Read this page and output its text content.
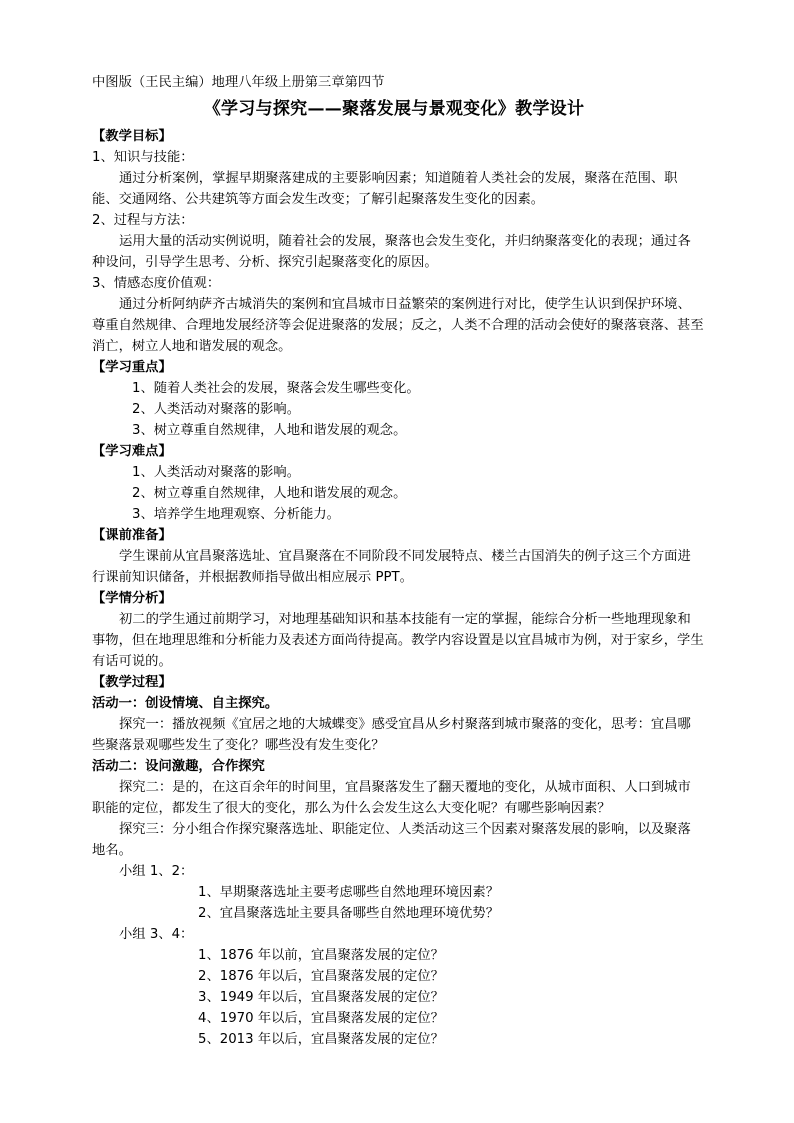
中图版（王民主编）地理八年级上册第三章第四节
《学习与探究——聚落发展与景观变化》教学设计
【教学目标】
1、知识与技能：
通过分析案例，掌握早期聚落建成的主要影响因素；知道随着人类社会的发展，聚落在范围、职能、交通网络、公共建筑等方面会发生改变；了解引起聚落发生变化的因素。
2、过程与方法：
运用大量的活动实例说明，随着社会的发展，聚落也会发生变化，并归纳聚落变化的表现；通过各种设问，引导学生思考、分析、探究引起聚落变化的原因。
3、情感态度价值观：
通过分析阿纳萨齐古城消失的案例和宜昌城市日益繁荣的案例进行对比，使学生认识到保护环境、尊重自然规律、合理地发展经济等会促进聚落的发展；反之，人类不合理的活动会使好的聚落衰落、甚至消亡，树立人地和谐发展的观念。
【学习重点】
1、随着人类社会的发展，聚落会发生哪些变化。
2、人类活动对聚落的影响。
3、树立尊重自然规律，人地和谐发展的观念。
【学习难点】
1、人类活动对聚落的影响。
2、树立尊重自然规律，人地和谐发展的观念。
3、培养学生地理观察、分析能力。
【课前准备】
学生课前从宜昌聚落选址、宜昌聚落在不同阶段不同发展特点、楼兰古国消失的例子这三个方面进行课前知识储备，并根据教师指导做出相应展示 PPT。
【学情分析】
初二的学生通过前期学习，对地理基础知识和基本技能有一定的掌握，能综合分析一些地理现象和事物，但在地理思维和分析能力及表述方面尚待提高。教学内容设置是以宜昌城市为例，对于家乡，学生有话可说的。
【教学过程】
活动一：创设情境、自主探究。
探究一：播放视频《宜居之地的大城蝶变》感受宜昌从乡村聚落到城市聚落的变化，思考：宜昌哪些聚落景观哪些发生了变化？哪些没有发生变化？
活动二：设问激趣，合作探究
探究二：是的，在这百余年的时间里，宜昌聚落发生了翻天覆地的变化，从城市面积、人口到城市职能的定位，都发生了很大的变化，那么为什么会发生这么大变化呢？有哪些影响因素？
探究三：分小组合作探究聚落选址、职能定位、人类活动这三个因素对聚落发展的影响，以及聚落地名。
小组 1、2：
1、早期聚落选址主要考虑哪些自然地理环境因素？
2、宜昌聚落选址主要具备哪些自然地理环境优势？
小组 3、4：
1、1876 年以前，宜昌聚落发展的定位？
2、1876 年以后，宜昌聚落发展的定位？
3、1949 年以后，宜昌聚落发展的定位？
4、1970 年以后，宜昌聚落发展的定位？
5、2013 年以后，宜昌聚落发展的定位？
